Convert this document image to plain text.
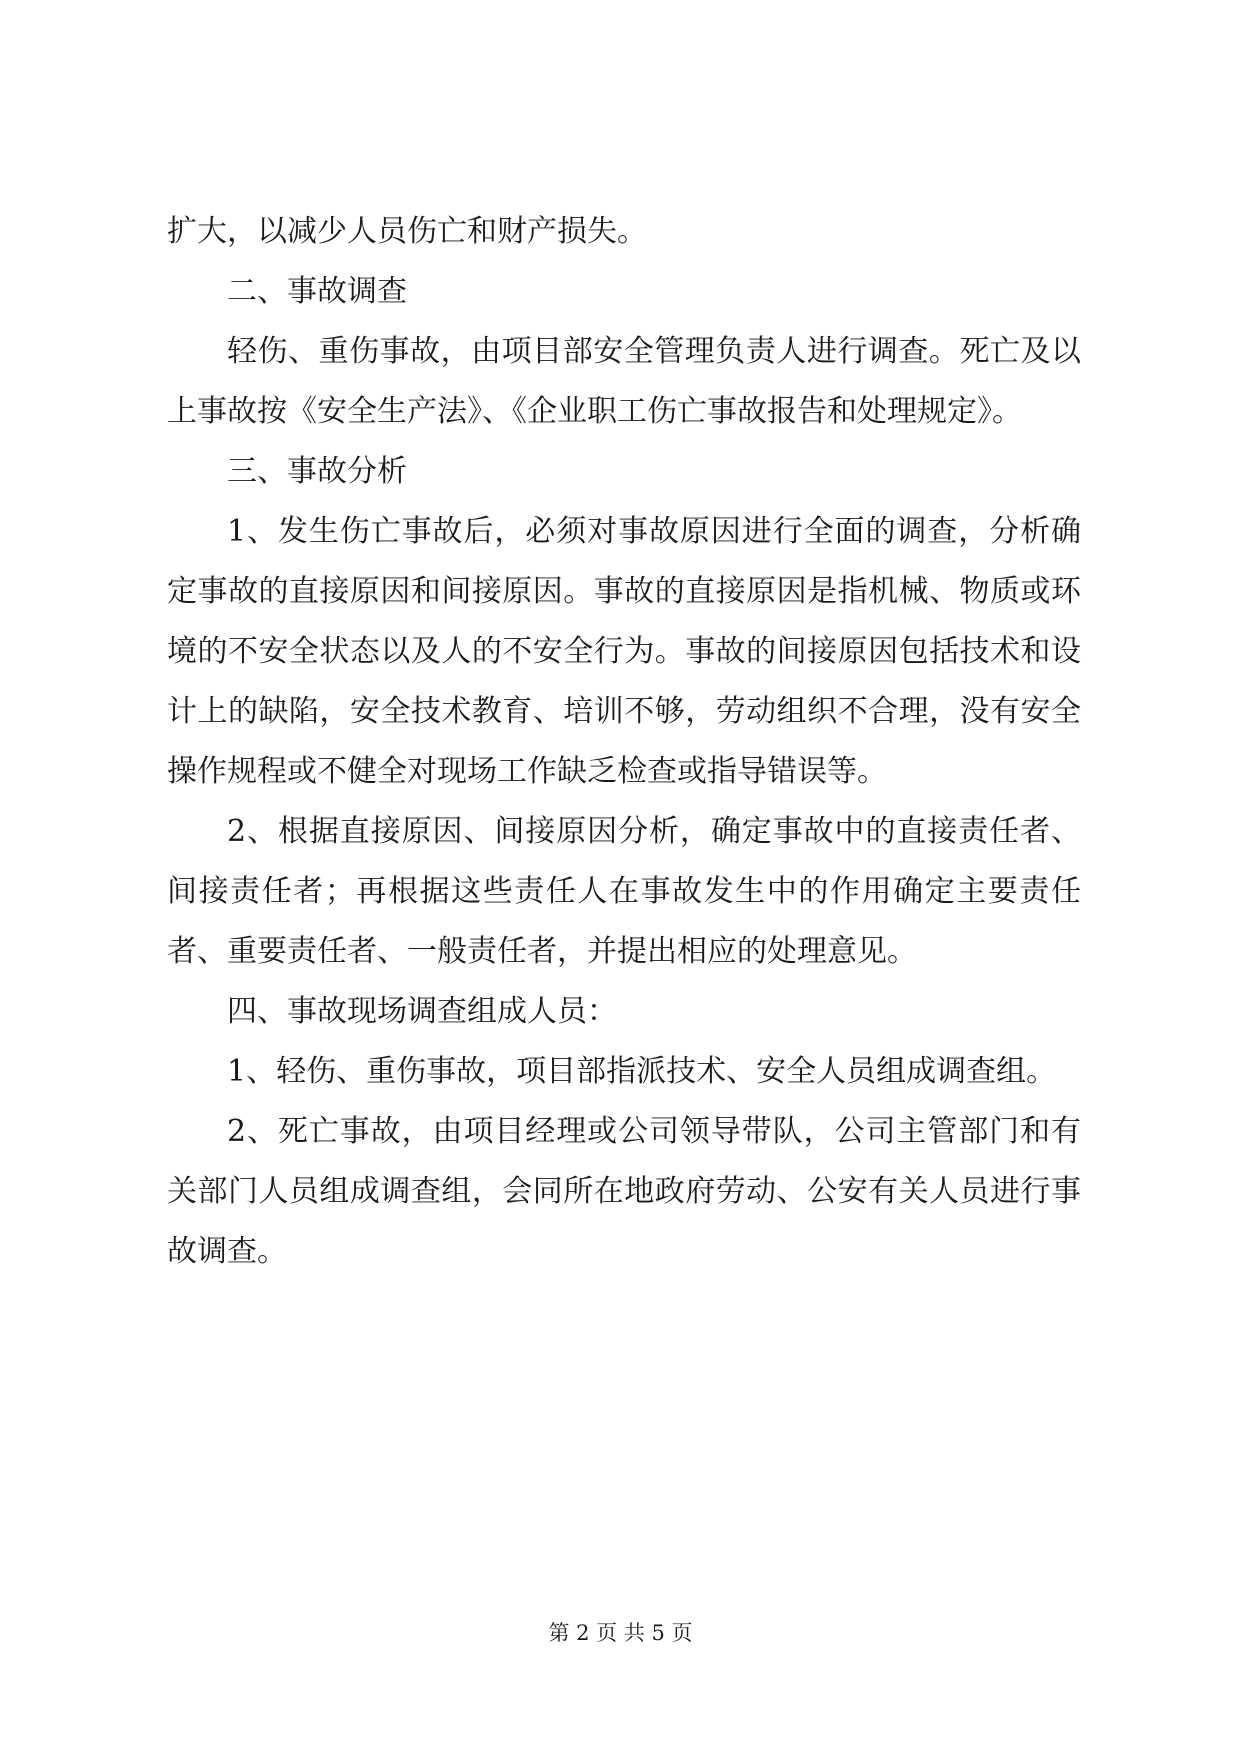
扩大，以减少人员伤亡和财产损失。

二、事故调查

轻伤、重伤事故，由项目部安全管理负责人进行调查。死亡及以上事故按《安全生产法》、《企业职工伤亡事故报告和处理规定》。

三、事故分析

1、发生伤亡事故后，必须对事故原因进行全面的调查，分析确定事故的直接原因和间接原因。事故的直接原因是指机械、物质或环境的不安全状态以及人的不安全行为。事故的间接原因包括技术和设计上的缺陷，安全技术教育、培训不够，劳动组织不合理，没有安全操作规程或不健全对现场工作缺乏检查或指导错误等。

2、根据直接原因、间接原因分析，确定事故中的直接责任者、间接责任者；再根据这些责任人在事故发生中的作用确定主要责任者、重要责任者、一般责任者，并提出相应的处理意见。

四、事故现场调查组成人员：

1、轻伤、重伤事故，项目部指派技术、安全人员组成调查组。

2、死亡事故，由项目经理或公司领导带队，公司主管部门和有关部门人员组成调查组，会同所在地政府劳动、公安有关人员进行事故调查。

第 2 页 共 5 页
